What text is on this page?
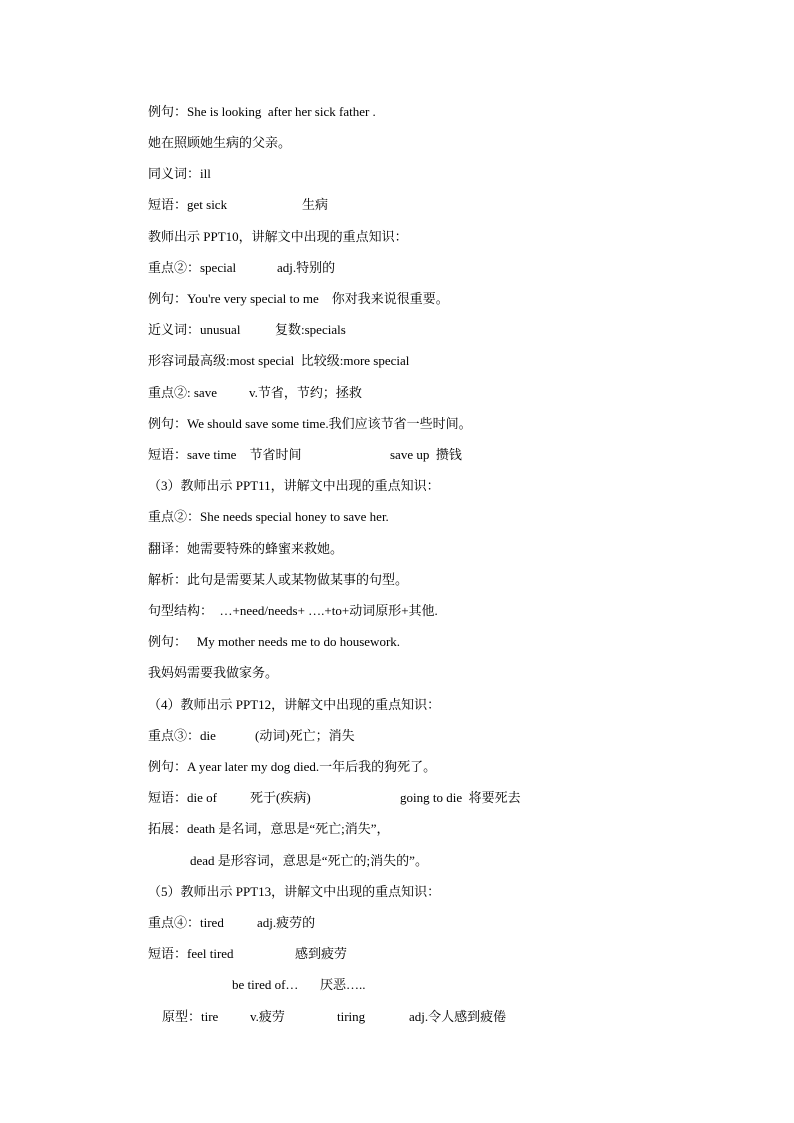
例句：She is looking  after her sick father .
她在照顾她生病的父亲。
同义词：ill
短语：get sick	生病
教师出示 PPT10，讲解文中出现的重点知识：
重点②：special	adj.特别的
例句：You're very special to me    你对我来说很重要。
近义词：unusual	复数:specials
形容词最高级:most special  比较级:more special
重点②: save v.节省，节约；拯救
例句：We should save some time.我们应该节省一些时间。
短语：save time    节省时间	save up  攒钱
（3）教师出示 PPT11，讲解文中出现的重点知识：
重点②：She needs special honey to save her.
翻译：她需要特殊的蜂蜜来救她。
解析：此句是需要某人或某物做某事的句型。
句型结构：  …+need/needs+ ….+to+动词原形+其他.
例句：   My mother needs me to do housework.
我妈妈需要我做家务。
（4）教师出示 PPT12，讲解文中出现的重点知识：
重点③：die	(动词)死亡；消失
例句：A year later my dog died.一年后我的狗死了。
短语：die of	死于(疾病)	going to die  将要死去
拓展：death 是名词，意思是“死亡;消失”，
dead 是形容词，意思是“死亡的;消失的”。
（5）教师出示 PPT13，讲解文中出现的重点知识：
重点④：tired	adj.疲劳的
短语：feel tired	感到疲劳
be tired of… 厌恶…..
原型：tire v.疲劳	tiring	adj.令人感到疲倦
